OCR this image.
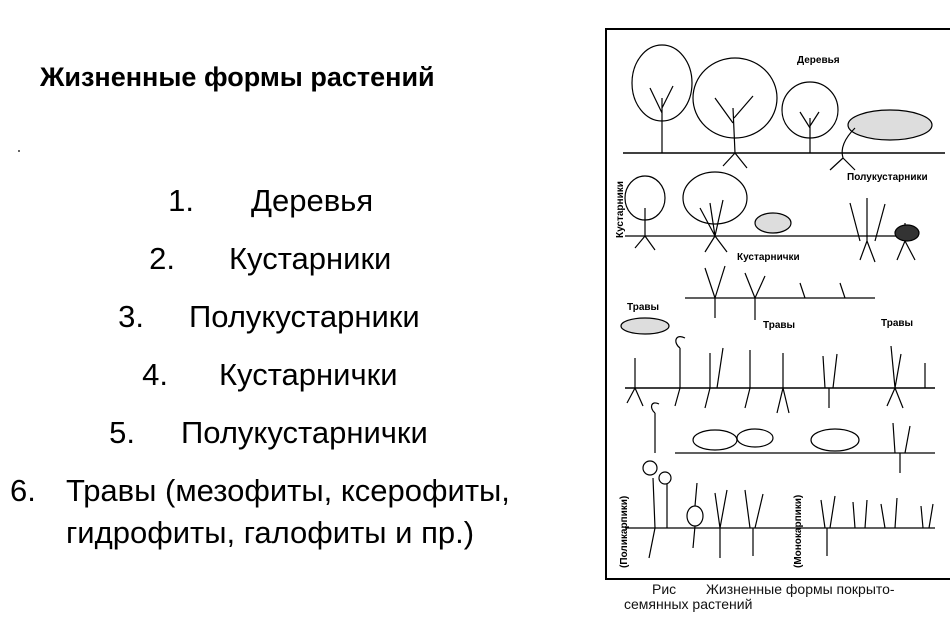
Жизненные формы растений
1. Деревья
2. Кустарники
3. Полукустарники
4. Кустарнички
5. Полукустарнички
6. Травы (мезофиты, ксерофиты, гидрофиты, галофиты и пр.)
Деревья
Полукустарники
Кустарники
Кустарнички
Травы
Травы	Травы
(Поликарпики)	(Монокарпики)
Рис Жизненные формы покрыто-семянных растений
